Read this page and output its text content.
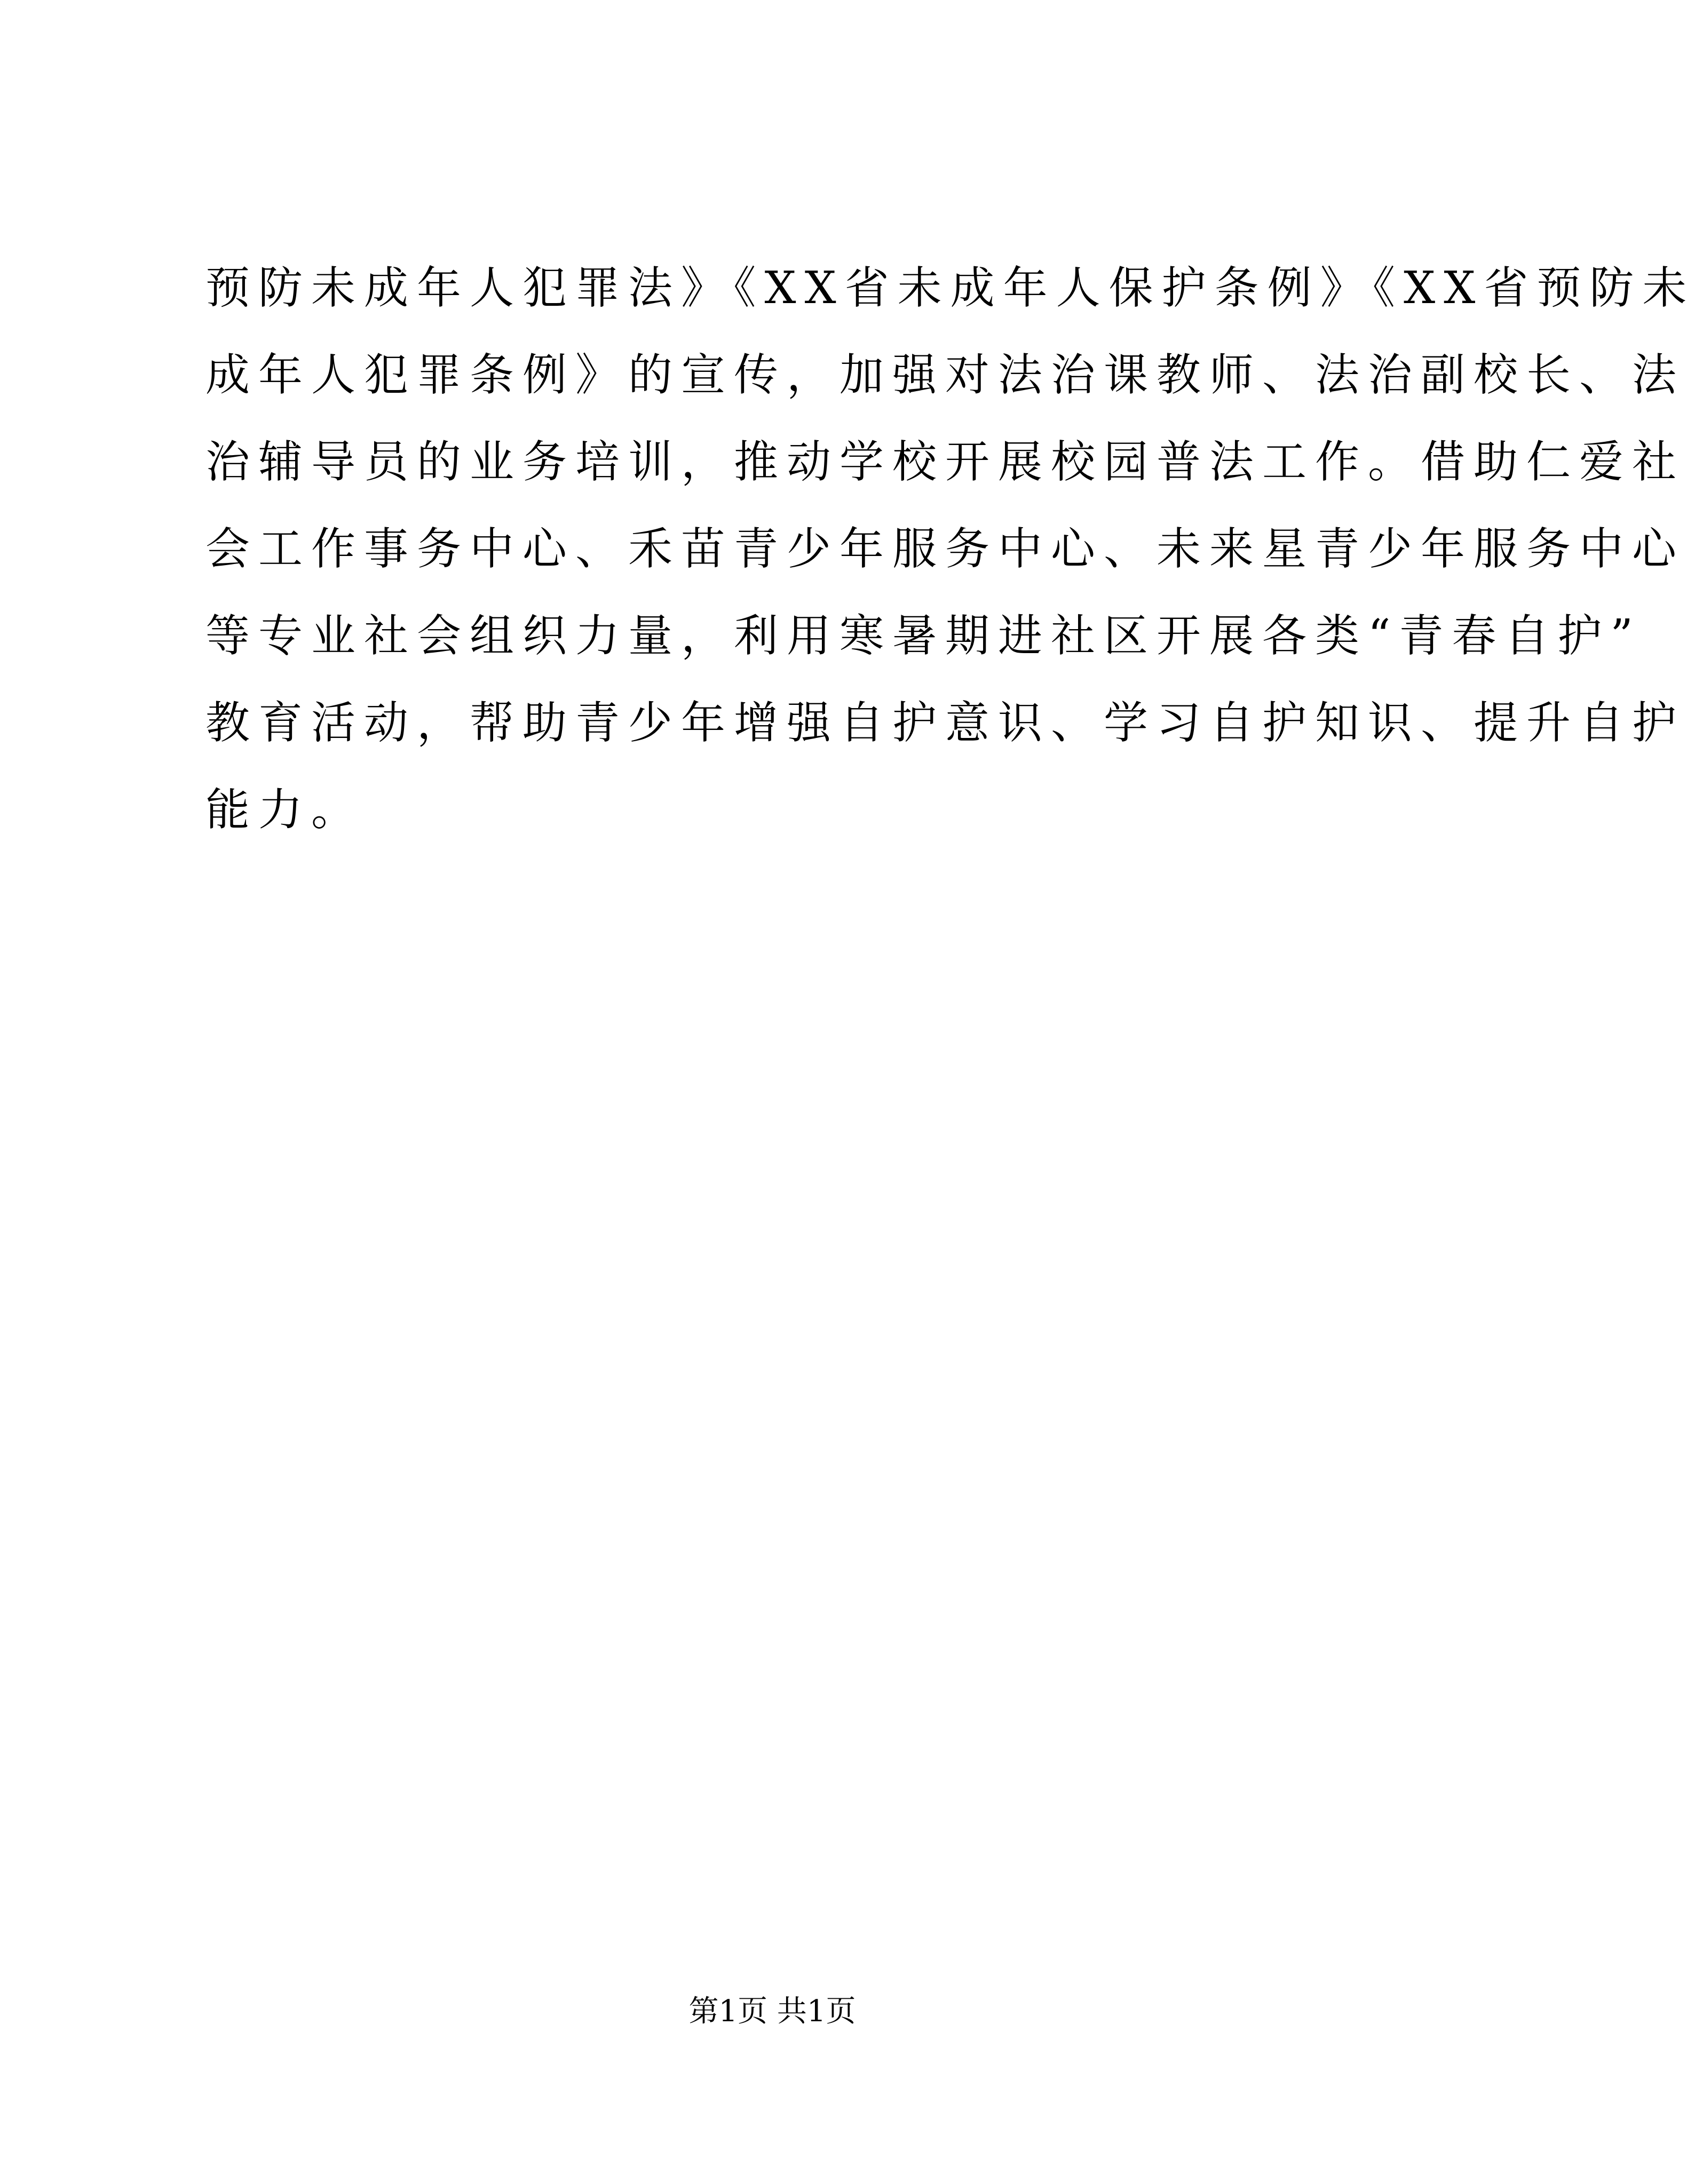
预防未成年人犯罪法》《XX省未成年人保护条例》《XX省预防未
成年人犯罪条例》的宣传，加强对法治课教师、法治副校长、法
治辅导员的业务培训，推动学校开展校园普法工作。借助仁爱社
会工作事务中心、禾苗青少年服务中心、未来星青少年服务中心
等专业社会组织力量，利用寒暑期进社区开展各类“青春自护”
教育活动，帮助青少年增强自护意识、学习自护知识、提升自护
能力。
第1页 共1页
